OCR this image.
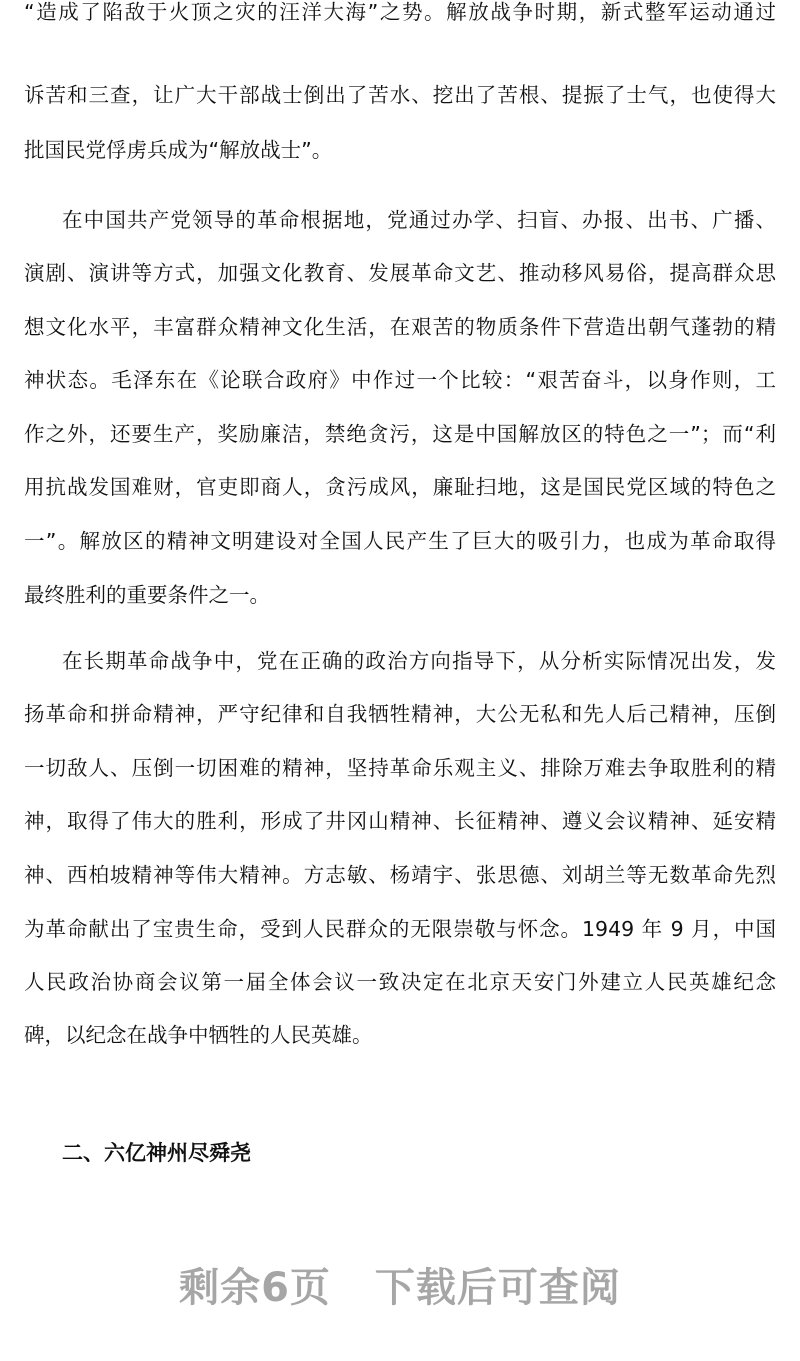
“造成了陷敌于火顶之灾的汪洋大海”之势。解放战争时期，新式整军运动通过
诉苦和三查，让广大干部战士倒出了苦水、挖出了苦根、提振了士气，也使得大
批国民党俘虏兵成为“解放战士”。
在中国共产党领导的革命根据地，党通过办学、扫盲、办报、出书、广播、
演剧、演讲等方式，加强文化教育、发展革命文艺、推动移风易俗，提高群众思
想文化水平，丰富群众精神文化生活，在艰苦的物质条件下营造出朝气蓬勃的精
神状态。毛泽东在《论联合政府》中作过一个比较：“艰苦奋斗，以身作则，工
作之外，还要生产，奖励廉洁，禁绝贪污，这是中国解放区的特色之一”；而“利
用抗战发国难财，官吏即商人，贪污成风，廉耻扫地，这是国民党区域的特色之
一”。解放区的精神文明建设对全国人民产生了巨大的吸引力，也成为革命取得
最终胜利的重要条件之一。
在长期革命战争中，党在正确的政治方向指导下，从分析实际情况出发，发
扬革命和拼命精神，严守纪律和自我牺牲精神，大公无私和先人后己精神，压倒
一切敌人、压倒一切困难的精神，坚持革命乐观主义、排除万难去争取胜利的精
神，取得了伟大的胜利，形成了井冈山精神、长征精神、遵义会议精神、延安精
神、西柏坡精神等伟大精神。方志敏、杨靖宇、张思德、刘胡兰等无数革命先烈
为革命献出了宝贵生命，受到人民群众的无限崇敬与怀念。1949 年 9 月，中国
人民政治协商会议第一届全体会议一致决定在北京天安门外建立人民英雄纪念
碑，以纪念在战争中牺牲的人民英雄。
二、六亿神州尽舜尧
剩余6页 下载后可查阅
